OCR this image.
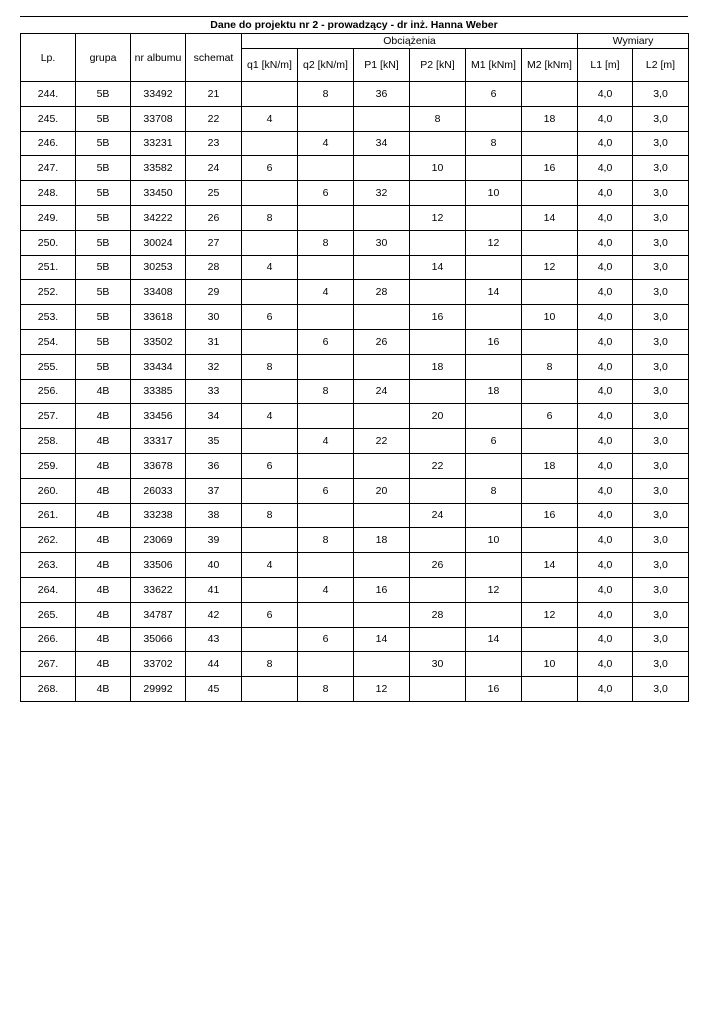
Dane do projektu nr 2 - prowadzący - dr inż. Hanna Weber
Lp.	grupa	nr albumu	schemat	Obciążenia						Wymiary	
				q1 [kN/m]	q2 [kN/m]	P1 [kN]	P2 [kN]	M1 [kNm]	M2 [kNm]	L1 [m]	L2 [m]
244.	5B	33492	21		8	36		6		4,0	3,0
245.	5B	33708	22	4			8		18	4,0	3,0
246.	5B	33231	23		4	34		8		4,0	3,0
247.	5B	33582	24	6			10		16	4,0	3,0
248.	5B	33450	25		6	32		10		4,0	3,0
249.	5B	34222	26	8			12		14	4,0	3,0
250.	5B	30024	27		8	30		12		4,0	3,0
251.	5B	30253	28	4			14		12	4,0	3,0
252.	5B	33408	29		4	28		14		4,0	3,0
253.	5B	33618	30	6			16		10	4,0	3,0
254.	5B	33502	31		6	26		16		4,0	3,0
255.	5B	33434	32	8			18		8	4,0	3,0
256.	4B	33385	33		8	24		18		4,0	3,0
257.	4B	33456	34	4			20		6	4,0	3,0
258.	4B	33317	35		4	22		6		4,0	3,0
259.	4B	33678	36	6			22		18	4,0	3,0
260.	4B	26033	37		6	20		8		4,0	3,0
261.	4B	33238	38	8			24		16	4,0	3,0
262.	4B	23069	39		8	18		10		4,0	3,0
263.	4B	33506	40	4			26		14	4,0	3,0
264.	4B	33622	41		4	16		12		4,0	3,0
265.	4B	34787	42	6			28		12	4,0	3,0
266.	4B	35066	43		6	14		14		4,0	3,0
267.	4B	33702	44	8			30		10	4,0	3,0
268.	4B	29992	45		8	12		16		4,0	3,0
